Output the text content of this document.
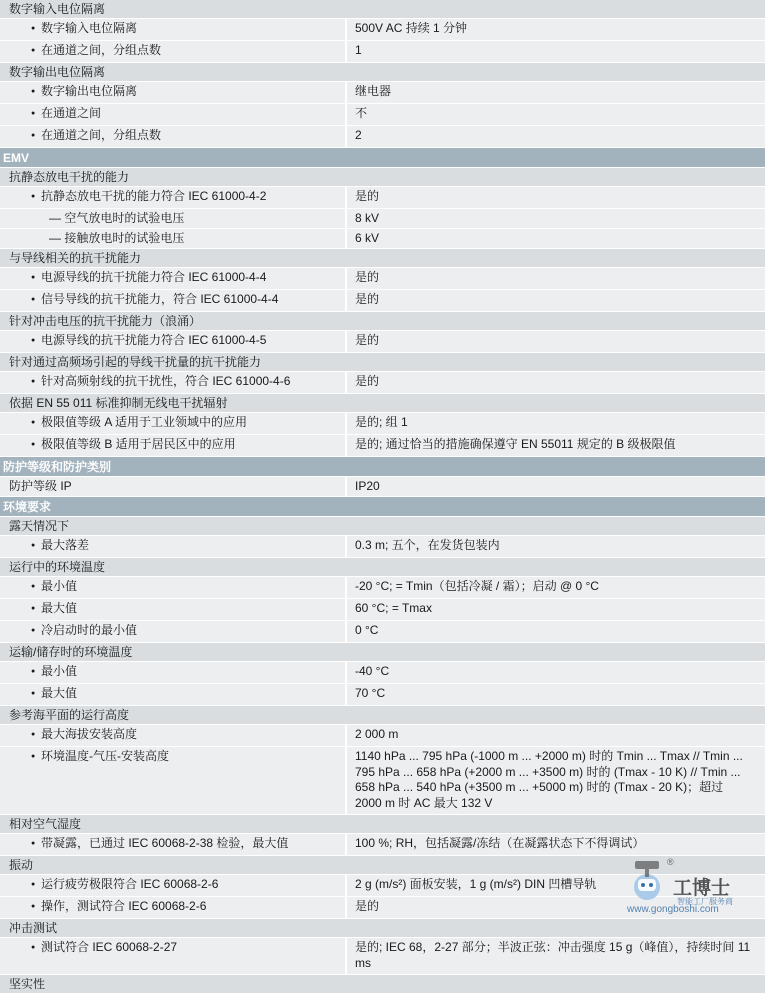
数字输入电位隔离
●
数字输入电位隔离	500V AC 持续 1 分钟
●
在通道之间，分组点数	1
数字输出电位隔离
●
数字输出电位隔离	继电器
●
在通道之间	不
●
在通道之间，分组点数	2
EMV
抗静态放电干扰的能力
●
抗静态放电干扰的能力符合 IEC 61000-4-2	是的
— 空气放电时的试验电压	8 kV
— 接触放电时的试验电压	6 kV
与导线相关的抗干扰能力
●
电源导线的抗干扰能力符合 IEC 61000-4-4	是的
●
信号导线的抗干扰能力，符合 IEC 61000-4-4	是的
针对冲击电压的抗干扰能力（浪涌）
●
电源导线的抗干扰能力符合 IEC 61000-4-5	是的
针对通过高频场引起的导线干扰量的抗干扰能力
●
针对高频射线的抗干扰性，符合 IEC 61000-4-6	是的
依据 EN 55 011 标准抑制无线电干扰辐射
●
极限值等级 A 适用于工业领域中的应用	是的; 组 1
●
极限值等级 B 适用于居民区中的应用	是的; 通过恰当的措施确保遵守 EN 55011 规定的 B 级极限值
防护等级和防护类别
防护等级 IP	IP20
环境要求
露天情况下
●
最大落差	0.3 m; 五个，在发货包装内
运行中的环境温度
●
最小值	-20 °C; = Tmin（包括冷凝 / 霜）；启动 @ 0 °C
●
最大值	60 °C; = Tmax
●
冷启动时的最小值	0 °C
运输/储存时的环境温度
●
最小值	-40 °C
●
最大值	70 °C
参考海平面的运行高度
●
最大海拔安装高度	2 000 m
●
环境温度-气压-安装高度	1140 hPa ... 795 hPa (-1000 m ... +2000 m) 时的 Tmin ... Tmax // Tmin ... 795 hPa ... 658 hPa (+2000 m ... +3500 m) 时的 (Tmax - 10 K) // Tmin ... 658 hPa ... 540 hPa (+3500 m ... +5000 m) 时的 (Tmax - 20 K)；超过 2000 m 时 AC 最大 132 V
相对空气湿度
●
带凝露，已通过 IEC 60068-2-38 检验，最大值	100 %; RH，包括凝露/冻结（在凝露状态下不得调试）
振动
●
运行疲劳极限符合 IEC 60068-2-6	2 g (m/s²) 面板安装，1 g (m/s²) DIN 凹槽导轨
●
操作，测试符合 IEC 60068-2-6	是的
冲击测试
●
测试符合 IEC 60068-2-27	是的; IEC 68，2-27 部分；半波正弦：冲击强度 15 g（峰值），持续时间 11 ms
坚实性
工博士
®
智能工厂服务商
www.gongboshi.com
